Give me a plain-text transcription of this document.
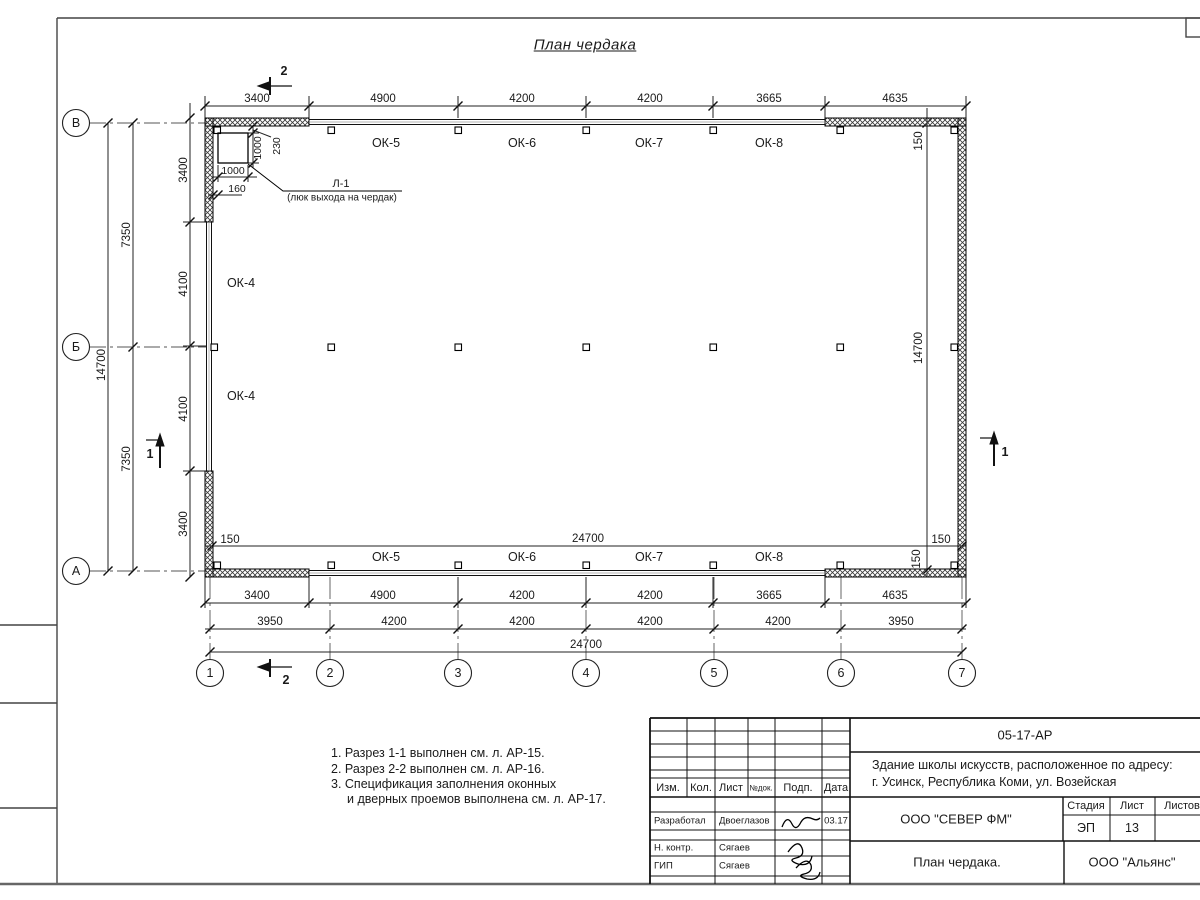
План чердака
3400	4900	4200	4200	3665	4635
3400
4100
4100
3400
7350
7350
14700
3400	4900	4200	4200	3665	4635
3950	4200	4200	4200	4200	3950
24700
24700
14700
150	150
150
150
1000 230
1000
160	Л-1
(люк выхода на чердак)
ОК-5	ОК-6	ОК-7	ОК-8
ОК-5	ОК-6	ОК-7	ОК-8
ОК-4
ОК-4
2
2
1	1
В
Б
А
1	2	3	4	5	6	7
1. Разрез 1-1 выполнен см. л. АР-15.
2. Разрез 2-2 выполнен см. л. АР-16.
3. Спецификация заполнения оконных
и дверных проемов выполнена см. л. АР-17.
05-17-АР
Здание школы искусств, расположенное по адресу:
г. Усинск, Республика Коми, ул. Возейская
Изм. Кол. Лист №док. Подп. Дата
Разработал Двоеглазов	03.17
Н. контр.	Сягаев
ГИП	Сягаев
ООО "СЕВЕР ФМ"
Стадия Лист Листов
ЭП 13
План чердака.	ООО "Альянс"
